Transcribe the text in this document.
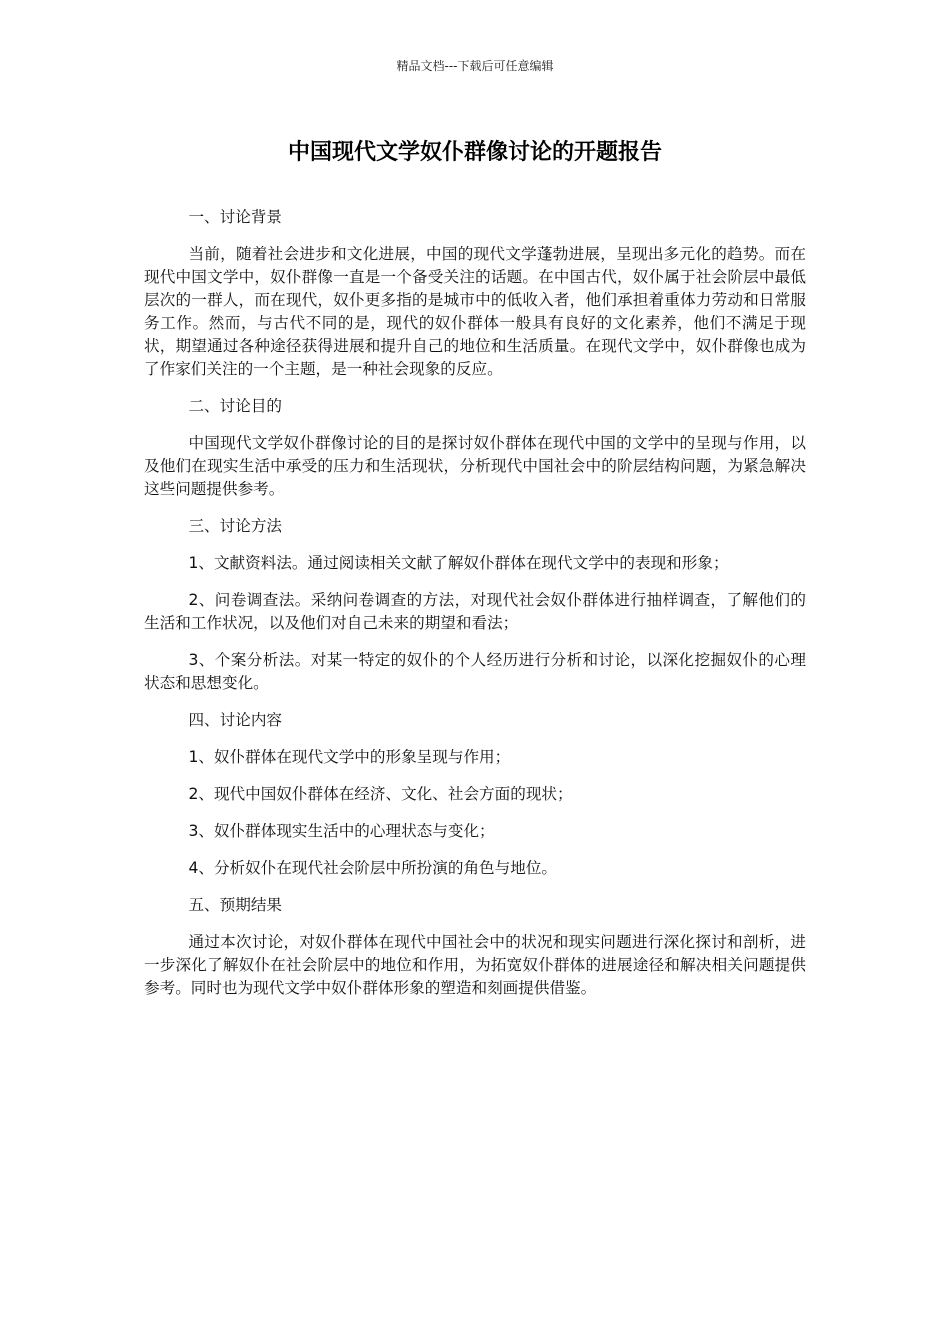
精品文档---下载后可任意编辑
中国现代文学奴仆群像讨论的开题报告

一、讨论背景

当前，随着社会进步和文化进展，中国的现代文学蓬勃进展，呈现出多元化的趋势。而在现代中国文学中，奴仆群像一直是一个备受关注的话题。在中国古代，奴仆属于社会阶层中最低层次的一群人，而在现代，奴仆更多指的是城市中的低收入者，他们承担着重体力劳动和日常服务工作。然而，与古代不同的是，现代的奴仆群体一般具有良好的文化素养，他们不满足于现状，期望通过各种途径获得进展和提升自己的地位和生活质量。在现代文学中，奴仆群像也成为了作家们关注的一个主题，是一种社会现象的反应。

二、讨论目的

中国现代文学奴仆群像讨论的目的是探讨奴仆群体在现代中国的文学中的呈现与作用，以及他们在现实生活中承受的压力和生活现状，分析现代中国社会中的阶层结构问题，为紧急解决这些问题提供参考。

三、讨论方法

1、文献资料法。通过阅读相关文献了解奴仆群体在现代文学中的表现和形象；

2、问卷调查法。采纳问卷调查的方法，对现代社会奴仆群体进行抽样调查，了解他们的生活和工作状况，以及他们对自己未来的期望和看法；

3、个案分析法。对某一特定的奴仆的个人经历进行分析和讨论，以深化挖掘奴仆的心理状态和思想变化。

四、讨论内容

1、奴仆群体在现代文学中的形象呈现与作用；

2、现代中国奴仆群体在经济、文化、社会方面的现状；

3、奴仆群体现实生活中的心理状态与变化；

4、分析奴仆在现代社会阶层中所扮演的角色与地位。

五、预期结果

通过本次讨论，对奴仆群体在现代中国社会中的状况和现实问题进行深化探讨和剖析，进一步深化了解奴仆在社会阶层中的地位和作用，为拓宽奴仆群体的进展途径和解决相关问题提供参考。同时也为现代文学中奴仆群体形象的塑造和刻画提供借鉴。
